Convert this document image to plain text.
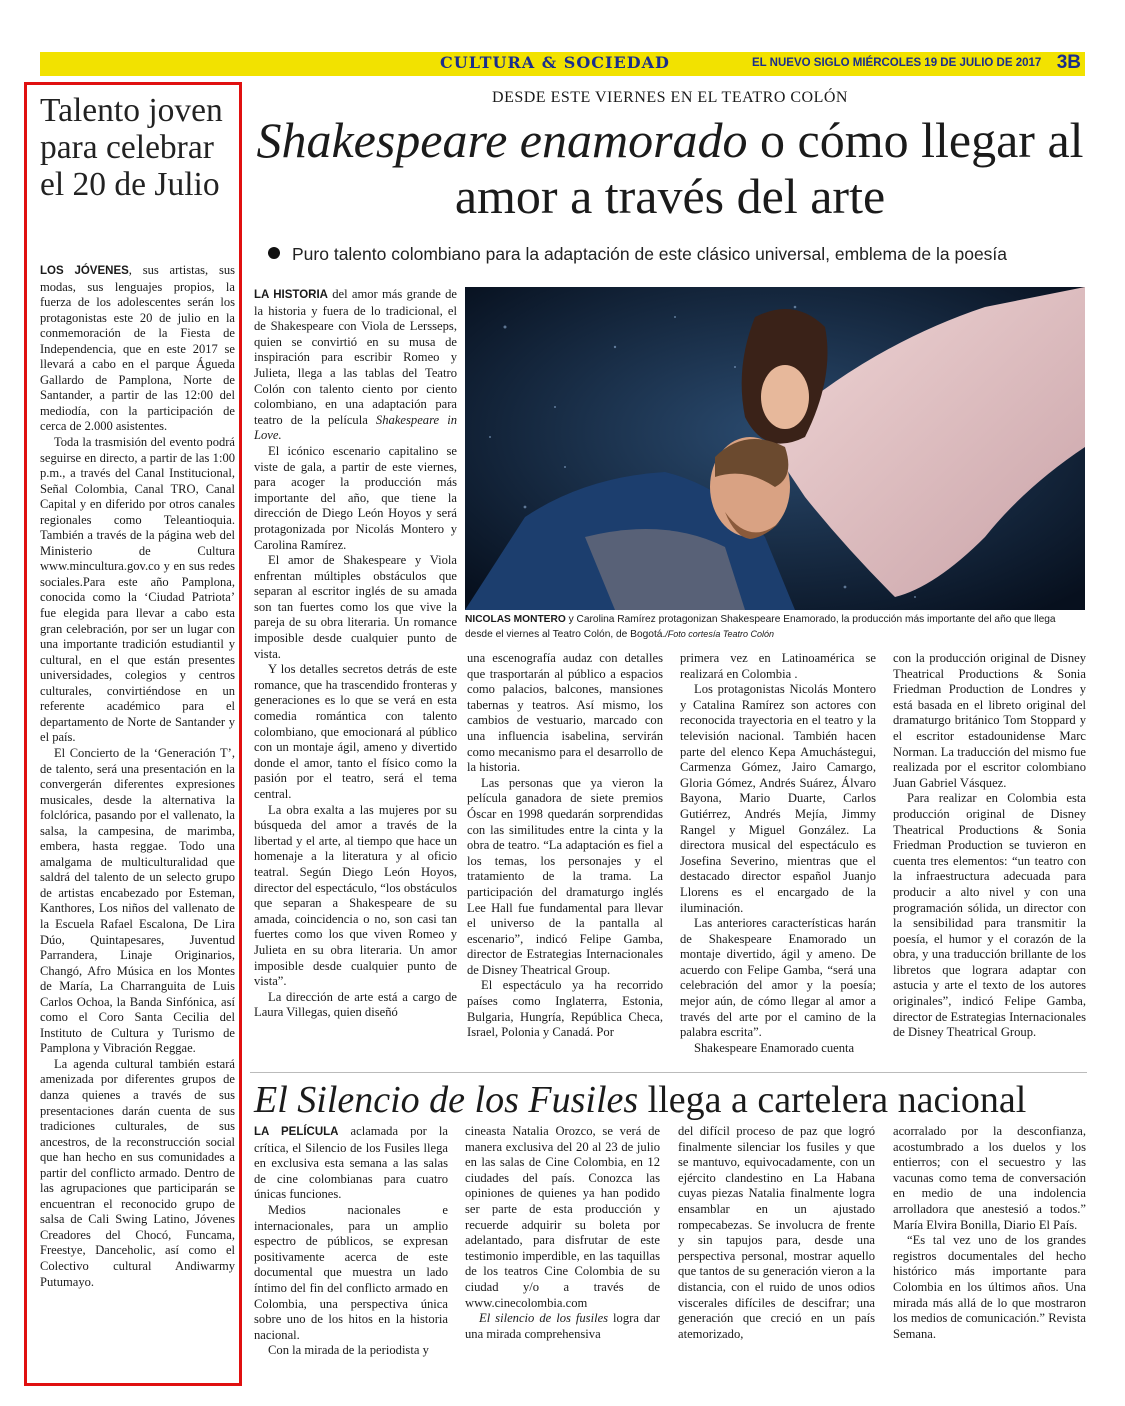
CULTURA & SOCIEDAD	EL NUEVO SIGLO MIÉRCOLES 19 DE JULIO DE 2017 3B
Talento joven para celebrar el 20 de Julio

LOS JÓVENES, sus artistas, sus modas, sus lenguajes propios, la fuerza de los adolescentes serán los protagonistas este 20 de julio en la conmemoración de la Fiesta de Independencia, que en este 2017 se llevará a cabo en el parque Águeda Gallardo de Pamplona, Norte de Santander, a partir de las 12:00 del mediodía, con la participación de cerca de 2.000 asistentes.

Toda la trasmisión del evento podrá seguirse en directo, a partir de las 1:00 p.m., a través del Canal Institucional, Señal Colombia, Canal TRO, Canal Capital y en diferido por otros canales regionales como Teleantioquia. También a través de la página web del Ministerio de Cultura www.mincultura.gov.co y en sus redes sociales.Para este año Pamplona, conocida como la ‘Ciudad Patriota’ fue elegida para llevar a cabo esta gran celebración, por ser un lugar con una importante tradición estudiantil y cultural, en el que están presentes universidades, colegios y centros culturales, convirtiéndose en un referente académico para el departamento de Norte de Santander y el país.

El Concierto de la ‘Generación T’, de talento, será una presentación en la convergerán diferentes expresiones musicales, desde la alternativa la folclórica, pasando por el vallenato, la salsa, la campesina, de marimba, embera, hasta reggae. Todo una amalgama de multiculturalidad que saldrá del talento de un selecto grupo de artistas encabezado por Esteman, Kanthores, Los niños del vallenato de la Escuela Rafael Escalona, De Lira Dúo, Quintapesares, Juventud Parrandera, Linaje Originarios, Changó, Afro Música en los Montes de María, La Charranguita de Luis Carlos Ochoa, la Banda Sinfónica, así como el Coro Santa Cecilia del Instituto de Cultura y Turismo de Pamplona y Vibración Reggae.

La agenda cultural también estará amenizada por diferentes grupos de danza quienes a través de sus presentaciones darán cuenta de sus tradiciones culturales, de sus ancestros, de la reconstrucción social que han hecho en sus comunidades a partir del conflicto armado. Dentro de las agrupaciones que participarán se encuentran el reconocido grupo de salsa de Cali Swing Latino, Jóvenes Creadores del Chocó, Funcama, Freestye, Danceholic, así como el Colectivo cultural Andiwarmy Putumayo.

DESDE ESTE VIERNES EN EL TEATRO COLÓN
Shakespeare enamorado o cómo llegar al amor a través del arte
Puro talento colombiano para la adaptación de este clásico universal, emblema de la poesía
NICOLAS MONTERO y Carolina Ramírez protagonizan Shakespeare Enamorado, la producción más importante del año que llega desde el viernes al Teatro Colón, de Bogotá./Foto cortesía Teatro Colón

LA HISTORIA del amor más grande de la historia y fuera de lo tradicional, el de Shakespeare con Viola de Lersseps, quien se convirtió en su musa de inspiración para escribir Romeo y Julieta, llega a las tablas del Teatro Colón con talento ciento por ciento colombiano, en una adaptación para teatro de la película Shakespeare in Love.

El icónico escenario capitalino se viste de gala, a partir de este viernes, para acoger la producción más importante del año, que tiene la dirección de Diego León Hoyos y será protagonizada por Nicolás Montero y Carolina Ramírez.

El amor de Shakespeare y Viola enfrentan múltiples obstáculos que separan al escritor inglés de su amada son tan fuertes como los que vive la pareja de su obra literaria. Un romance imposible desde cualquier punto de vista.

Y los detalles secretos detrás de este romance, que ha trascendido fronteras y generaciones es lo que se verá en esta comedia romántica con talento colombiano, que emocionará al público con un montaje ágil, ameno y divertido donde el amor, tanto el físico como la pasión por el teatro, será el tema central.

La obra exalta a las mujeres por su búsqueda del amor a través de la libertad y el arte, al tiempo que hace un homenaje a la literatura y al oficio teatral. Según Diego León Hoyos, director del espectáculo, “los obstáculos que separan a Shakespeare de su amada, coincidencia o no, son casi tan fuertes como los que viven Romeo y Julieta en su obra literaria. Un amor imposible desde cualquier punto de vista”.

La dirección de arte está a cargo de Laura Villegas, quien diseñó

una escenografía audaz con detalles que trasportarán al público a espacios como palacios, balcones, mansiones tabernas y teatros. Así mismo, los cambios de vestuario, marcado con una influencia isabelina, servirán como mecanismo para el desarrollo de la historia.

Las personas que ya vieron la película ganadora de siete premios Óscar en 1998 quedarán sorprendidas con las similitudes entre la cinta y la obra de teatro. “La adaptación es fiel a los temas, los personajes y el tratamiento de la trama. La participación del dramaturgo inglés Lee Hall fue fundamental para llevar el universo de la pantalla al escenario”, indicó Felipe Gamba, director de Estrategias Internacionales de Disney Theatrical Group.

El espectáculo ya ha recorrido países como Inglaterra, Estonia, Bulgaria, Hungría, República Checa, Israel, Polonia y Canadá. Por

primera vez en Latinoamérica se realizará en Colombia .

Los protagonistas Nicolás Montero y Catalina Ramírez son actores con reconocida trayectoria en el teatro y la televisión nacional. También hacen parte del elenco Kepa Amuchástegui, Carmenza Gómez, Jairo Camargo, Gloria Gómez, Andrés Suárez, Álvaro Bayona, Mario Duarte, Carlos Gutiérrez, Andrés Mejía, Jimmy Rangel y Miguel González. La directora musical del espectáculo es Josefina Severino, mientras que el destacado director español Juanjo Llorens es el encargado de la iluminación.

Las anteriores características harán de Shakespeare Enamorado un montaje divertido, ágil y ameno. De acuerdo con Felipe Gamba, “será una celebración del amor y la poesía; mejor aún, de cómo llegar al amor a través del arte por el camino de la palabra escrita”.

Shakespeare Enamorado cuenta

con la producción original de Disney Theatrical Productions & Sonia Friedman Production de Londres y está basada en el libreto original del dramaturgo británico Tom Stoppard y el escritor estadounidense Marc Norman. La traducción del mismo fue realizada por el escritor colombiano Juan Gabriel Vásquez.

Para realizar en Colombia esta producción original de Disney Theatrical Productions & Sonia Friedman Production se tuvieron en cuenta tres elementos: “un teatro con la infraestructura adecuada para producir a alto nivel y con una programación sólida, un director con la sensibilidad para transmitir la poesía, el humor y el corazón de la obra, y una traducción brillante de los libretos que lograra adaptar con astucia y arte el texto de los autores originales”, indicó Felipe Gamba, director de Estrategias Internacionales de Disney Theatrical Group.

El Silencio de los Fusiles llega a cartelera nacional

LA PELÍCULA aclamada por la crítica, el Silencio de los Fusiles llega en exclusiva esta semana a las salas de cine colombianas para cuatro únicas funciones.

Medios nacionales e internacionales, para un amplio espectro de públicos, se expresan positivamente acerca de este documental que muestra un lado íntimo del fin del conflicto armado en Colombia, una perspectiva única sobre uno de los hitos en la historia nacional.

Con la mirada de la periodista y

cineasta Natalia Orozco, se verá de manera exclusiva del 20 al 23 de julio en las salas de Cine Colombia, en 12 ciudades del país. Conozca las opiniones de quienes ya han podido ser parte de esta producción y recuerde adquirir su boleta por adelantado, para disfrutar de este testimonio imperdible, en las taquillas de los teatros Cine Colombia de su ciudad y/o a través de www.cinecolombia.com

El silencio de los fusiles logra dar una mirada comprehensiva

del difícil proceso de paz que logró finalmente silenciar los fusiles y que se mantuvo, equivocadamente, con un ejército clandestino en La Habana cuyas piezas Natalia finalmente logra ensamblar en un ajustado rompecabezas. Se involucra de frente y sin tapujos para, desde una perspectiva personal, mostrar aquello que tantos de su generación vieron a la distancia, con el ruido de unos odios viscerales difíciles de descifrar; una generación que creció en un país atemorizado,

acorralado por la desconfianza, acostumbrado a los duelos y los entierros; con el secuestro y las vacunas como tema de conversación en medio de una indolencia arrolladora que anestesió a todos.” María Elvira Bonilla, Diario El País.

“Es tal vez uno de los grandes registros documentales del hecho histórico más importante para Colombia en los últimos años. Una mirada más allá de lo que mostraron los medios de comunicación.” Revista Semana.
